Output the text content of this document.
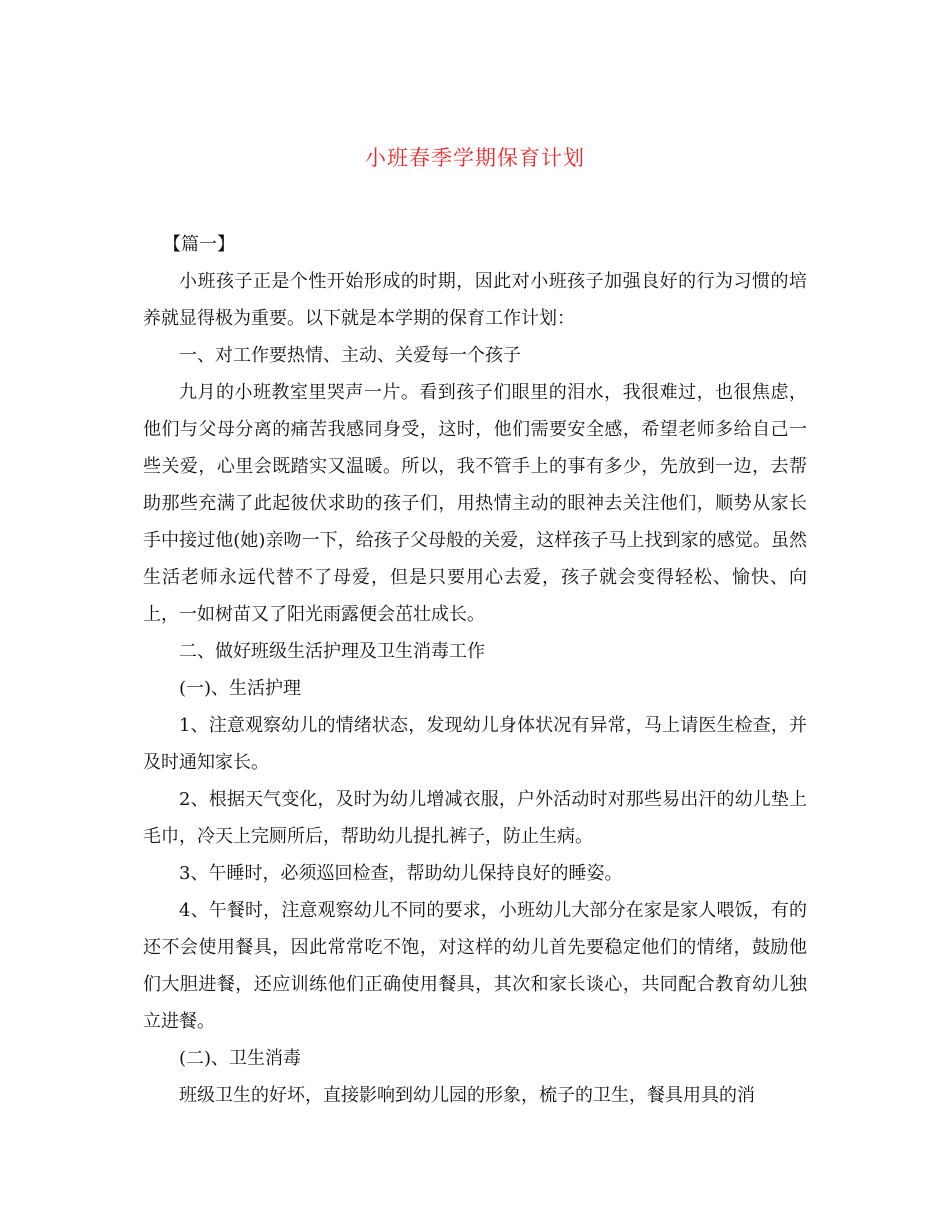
小班春季学期保育计划

【篇一】

小班孩子正是个性开始形成的时期，因此对小班孩子加强良好的行为习惯的培养就显得极为重要。以下就是本学期的保育工作计划：

一、对工作要热情、主动、关爱每一个孩子

九月的小班教室里哭声一片。看到孩子们眼里的泪水，我很难过，也很焦虑，他们与父母分离的痛苦我感同身受，这时，他们需要安全感，希望老师多给自己一些关爱，心里会既踏实又温暖。所以，我不管手上的事有多少，先放到一边，去帮助那些充满了此起彼伏求助的孩子们，用热情主动的眼神去关注他们，顺势从家长手中接过他(她)亲吻一下，给孩子父母般的关爱，这样孩子马上找到家的感觉。虽然生活老师永远代替不了母爱，但是只要用心去爱，孩子就会变得轻松、愉快、向上，一如树苗又了阳光雨露便会茁壮成长。

二、做好班级生活护理及卫生消毒工作

(一)、生活护理

1、注意观察幼儿的情绪状态，发现幼儿身体状况有异常，马上请医生检查，并及时通知家长。

2、根据天气变化，及时为幼儿增减衣服，户外活动时对那些易出汗的幼儿垫上毛巾，冷天上完厕所后，帮助幼儿提扎裤子，防止生病。

3、午睡时，必须巡回检查，帮助幼儿保持良好的睡姿。

4、午餐时，注意观察幼儿不同的要求，小班幼儿大部分在家是家人喂饭，有的还不会使用餐具，因此常常吃不饱，对这样的幼儿首先要稳定他们的情绪，鼓励他们大胆进餐，还应训练他们正确使用餐具，其次和家长谈心，共同配合教育幼儿独立进餐。

(二)、卫生消毒

班级卫生的好坏，直接影响到幼儿园的形象，梳子的卫生，餐具用具的消
